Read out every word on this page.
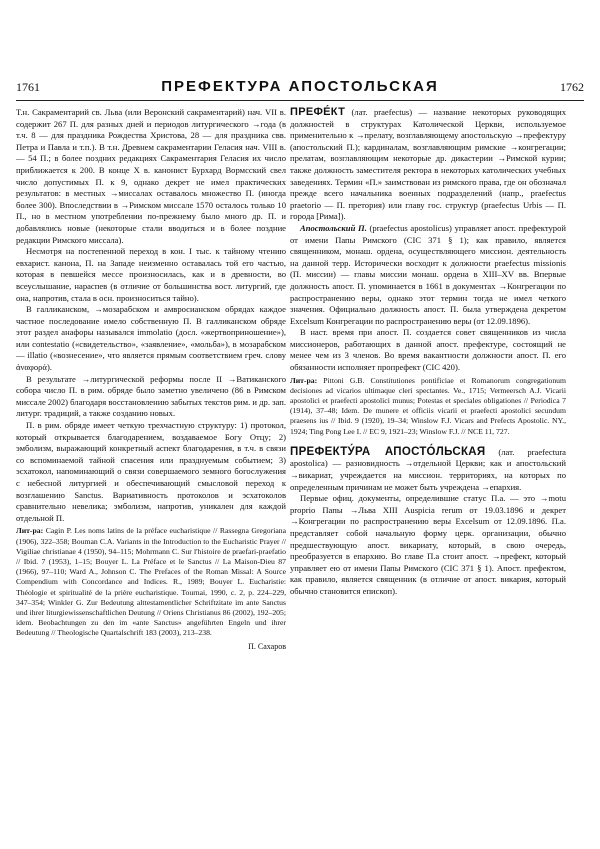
1761	ПРЕФЕКТУРА АПОСТОЛЬСКАЯ	1762

Т.н. Сакраментарий св. Льва (или Веронский сакраментарий) нач. VII в. содержит 267 П. для разных дней и периодов литургического →года (в т.ч. 8 — для праздника Рождества Христова, 28 — для праздника свв. Петра и Павла и т.п.). В т.н. Древнем сакраментарии Геласия нач. VIII в. — 54 П.; в более поздних редакциях Сакраментария Геласия их число приближается к 200. В конце X в. канонист Бурхард Вормсский свел число допустимых П. к 9, однако декрет не имел практических результатов: в местных →миссалах оставалось множество П. (иногда более 300). Впоследствии в →Римском миссале 1570 осталось только 10 П., но в местном употреблении по-прежнему было много др. П. и добавлялись новые (некоторые стали вводиться и в более поздние редакции Римского миссала).

Несмотря на постепенной переход в кон. I тыс. к тайному чтению евхарист. канона, П. на Западе неизменно оставалась той его частью, которая в певшейся мессе произносилась, как и в древности, во всеуслышание, нараспев (в отличие от большинства вост. литургий, где она, напротив, стала в осн. произноситься тайно).

В галликанском, →мозарабском и амвросианском обрядах каждое частное последование имело собственную П. В галликанском обряде этот раздел анафоры назывался immolatio (досл. «жертвоприношение»), или contestatio («свидетельство», «заявление», «мольба»), в мозарабском — illatio («вознесение», что является прямым соответствием греч. слову ἀναφορά).

В результате →литургической реформы после II →Ватиканского собора число П. в рим. обряде было заметно увеличено (86 в Римском миссале 2002) благодаря восстановлению забытых текстов рим. и др. зап. литург. традиций, а также созданию новых.

П. в рим. обряде имеет четкую трехчастную структуру: 1) протокол, который открывается благодарением, воздаваемое Богу Отцу; 2) эмболизм, выражающий конкретный аспект благодарения, в т.ч. в связи со вспоминаемой тайной спасения или празднуемым событием; 3) эсхатокол, напоминающий о связи совершаемого земного богослужения с небесной литургией и обеспечивающий смысловой переход к возглашению Sanctus. Вариативность протоколов и эсхатоколов сравнительно невелика; эмболизм, напротив, уникален для каждой отдельной П.

Лит-ра: Cagin P. Les noms latins de la préface eucharistique // Rassegna Gregoriana (1906), 322–358; Bouman C.A. Variants in the Introduction to the Eucharistic Prayer // Vigiliae christianae 4 (1950), 94–115; Mohrmann C. Sur l'histoire de praefari-praefatio // Ibid. 7 (1953), 1–15; Bouyer L. La Préface et le Sanctus // La Maison-Dieu 87 (1966), 97–110; Ward A., Johnson C. The Prefaces of the Roman Missal: A Source Compendium with Concordance and Indices. R., 1989; Bouyer L. Eucharistie: Théologie et spiritualité de la prière eucharistique. Tournai, 1990, с. 2, р. 224–229, 347–354; Winkler G. Zur Bedeutung alttestamentlicher Schriftzitate im ante Sanctus und ihrer liturgiewissenschaftlichen Deutung // Oriens Christianus 86 (2002), 192–205; idem. Beobachtungen zu den im «ante Sanctus» angeführten Engeln und ihrer Bedeutung // Theologische Quartalschrift 183 (2003), 213–238.
П. Сахаров

ПРЕФЕ́КТ (лат. praefectus) — название некоторых руководящих должностей в структурах Католической Церкви, используемое применительно к →прелату, возглавляющему апостольскую →префектуру (апостольский П.); кардиналам, возглавляющим римские →конгрегации; прелатам, возглавляющим некоторые др. дикастерии →Римской курии; также должность заместителя ректора в некоторых католических учебных заведениях. Термин «П.» заимствован из римского права, где он обозначал прежде всего начальника военных подразделений (напр., praefectus praetorio — П. претория) или главу гос. структур (praefectus Urbis — П. города [Рима]).

Апостольский П. (praefectus apostolicus) управляет апост. префектурой от имени Папы Римского (CIC 371 § 1); как правило, является священником, монаш. ордена, осуществляющего миссион. деятельность на данной терр. Исторически восходит к должности praefectus missionis (П. миссии) — главы миссии монаш. ордена в XIII–XV вв. Впервые должность апост. П. упоминается в 1661 в документах →Конгрегации по распространению веры, однако этот термин тогда не имел четкого значения. Официально должность апост. П. была утверждена декретом Excelsum Конгрегации по распространению веры (от 12.09.1896).

В наст. время при апост. П. создается совет священников из числа миссионеров, работающих в данной апост. префектуре, состоящий не менее чем из 3 членов. Во время вакантности должности апост. П. его обязанности исполняет пропрефект (CIC 420).

Лит-ра: Pittoni G.B. Constitutiones pontificiae et Romanorum congregationum decisiones ad vicarios ultimaque cleri spectantes. Ve., 1715; Vermeersch A.J. Vicarii apostolici et praefecti apostolici munus; Potestas et speciales obligationes // Periodica 7 (1914), 37–48; Idem. De munere et officiis vicarii et praefecti apostolici secundum praesens ius // Ibid. 9 (1920), 19–34; Winslow F.J. Vicars and Prefects Apostolic. NY., 1924; Ting Pong Lee I. // EC 9, 1921–23; Winslow F.J. // NCE 11, 727.

ПРЕФЕКТУ́РА АПОСТО́ЛЬСКАЯ (лат. praefectura apostolica) — разновидность →отдельной Церкви; как и апостольский →викариат, учреждается на миссион. территориях, на которых по определенным причинам не может быть учреждена →епархия.

Первые офиц. документы, определившие статус П.а. — это →motu proprio Папы →Льва XIII Auspicia rerum от 19.03.1896 и декрет →Конгрегации по распространению веры Excelsum от 12.09.1896. П.а. представляет собой начальную форму церк. организации, обычно предшествующую апост. викариату, который, в свою очередь, преобразуется в епархию. Во главе П.а стоит апост. →префект, который управляет ею от имени Папы Римского (CIC 371 § 1). Апост. префектом, как правило, является священник (в отличие от апост. викария, который обычно становится епископ).
